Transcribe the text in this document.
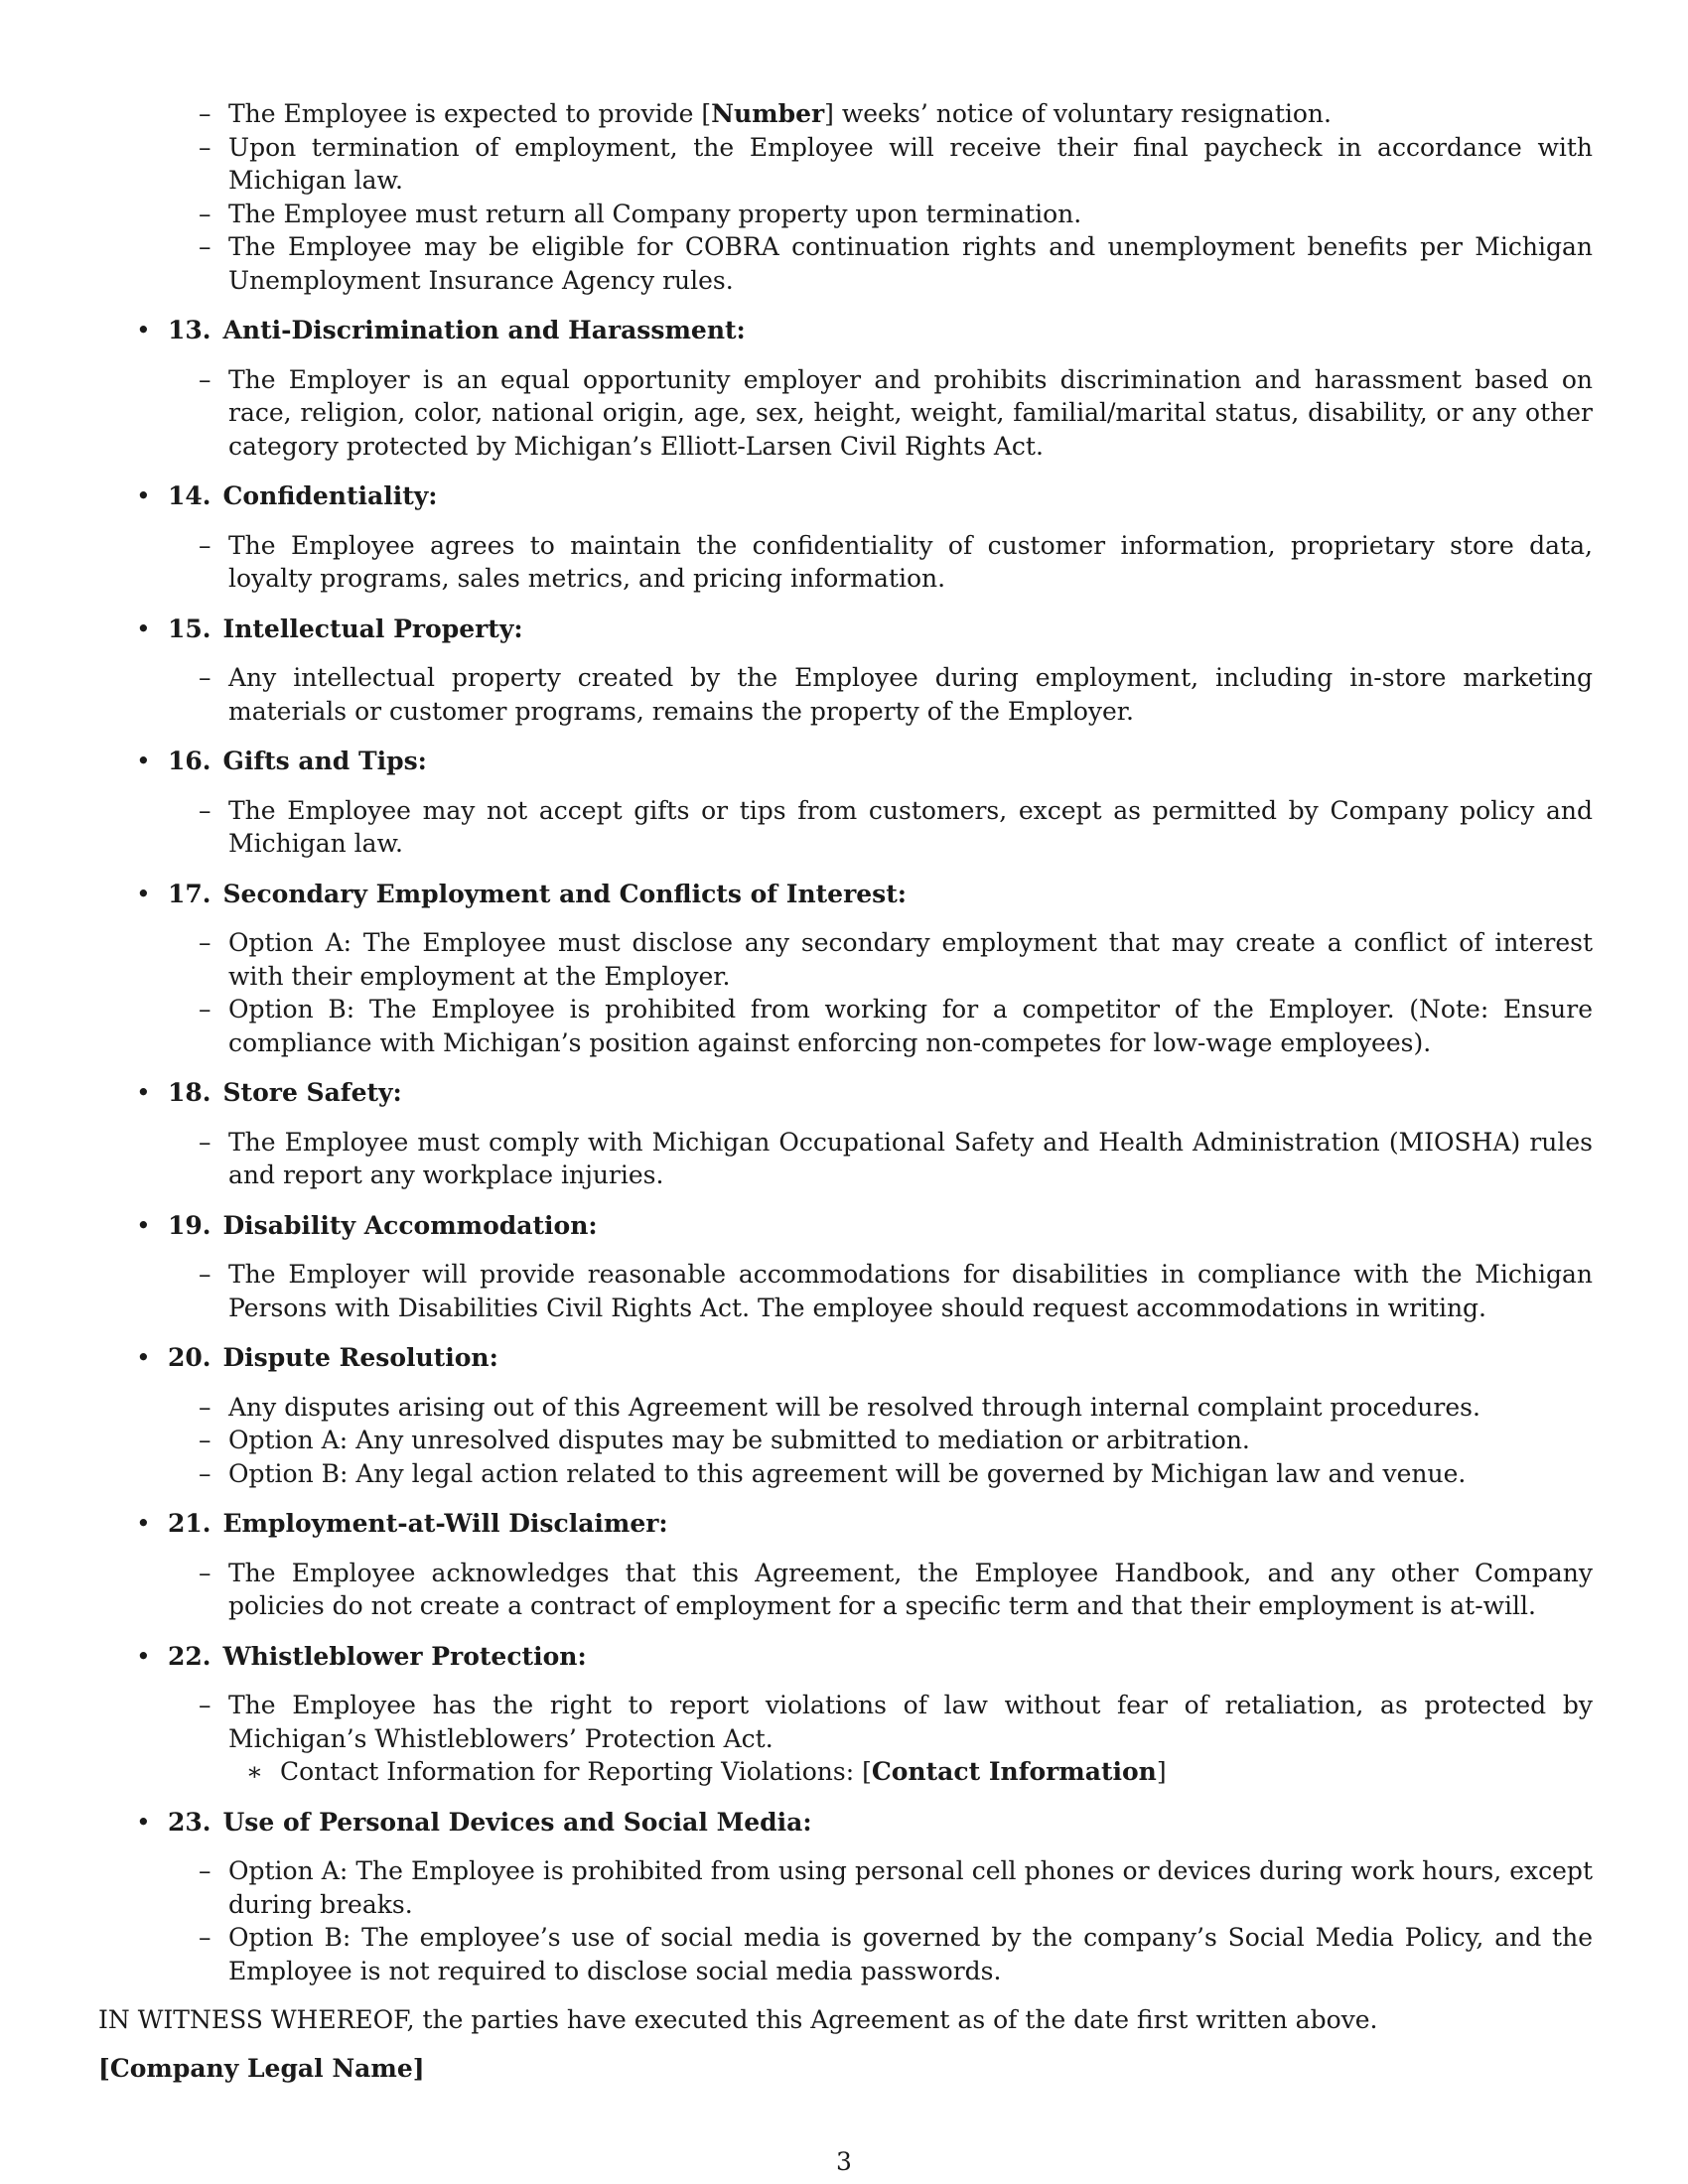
– The Employee is expected to provide [Number] weeks’ notice of voluntary resignation.
– Upon termination of employment, the Employee will receive their final paycheck in accordance with Michigan law.
– The Employee must return all Company property upon termination.
– The Employee may be eligible for COBRA continuation rights and unemployment benefits per Michigan Unemployment Insurance Agency rules.
• 13. Anti-Discrimination and Harassment:
– The Employer is an equal opportunity employer and prohibits discrimination and harassment based on race, religion, color, national origin, age, sex, height, weight, familial/marital status, disability, or any other category protected by Michigan’s Elliott-Larsen Civil Rights Act.
• 14. Confidentiality:
– The Employee agrees to maintain the confidentiality of customer information, proprietary store data, loyalty programs, sales metrics, and pricing information.
• 15. Intellectual Property:
– Any intellectual property created by the Employee during employment, including in-store marketing materials or customer programs, remains the property of the Employer.
• 16. Gifts and Tips:
– The Employee may not accept gifts or tips from customers, except as permitted by Company policy and Michigan law.
• 17. Secondary Employment and Conflicts of Interest:
– Option A: The Employee must disclose any secondary employment that may create a conflict of interest with their employment at the Employer.
– Option B: The Employee is prohibited from working for a competitor of the Employer. (Note: Ensure compliance with Michigan’s position against enforcing non-competes for low-wage employees).
• 18. Store Safety:
– The Employee must comply with Michigan Occupational Safety and Health Administration (MIOSHA) rules and report any workplace injuries.
• 19. Disability Accommodation:
– The Employer will provide reasonable accommodations for disabilities in compliance with the Michigan Persons with Disabilities Civil Rights Act. The employee should request accommodations in writing.
• 20. Dispute Resolution:
– Any disputes arising out of this Agreement will be resolved through internal complaint procedures.
– Option A: Any unresolved disputes may be submitted to mediation or arbitration.
– Option B: Any legal action related to this agreement will be governed by Michigan law and venue.
• 21. Employment-at-Will Disclaimer:
– The Employee acknowledges that this Agreement, the Employee Handbook, and any other Company policies do not create a contract of employment for a specific term and that their employment is at-will.
• 22. Whistleblower Protection:
– The Employee has the right to report violations of law without fear of retaliation, as protected by Michigan’s Whistleblowers’ Protection Act.
∗ Contact Information for Reporting Violations: [Contact Information]
• 23. Use of Personal Devices and Social Media:
– Option A: The Employee is prohibited from using personal cell phones or devices during work hours, except during breaks.
– Option B: The employee’s use of social media is governed by the company’s Social Media Policy, and the Employee is not required to disclose social media passwords.

IN WITNESS WHEREOF, the parties have executed this Agreement as of the date first written above.

[Company Legal Name]

3
